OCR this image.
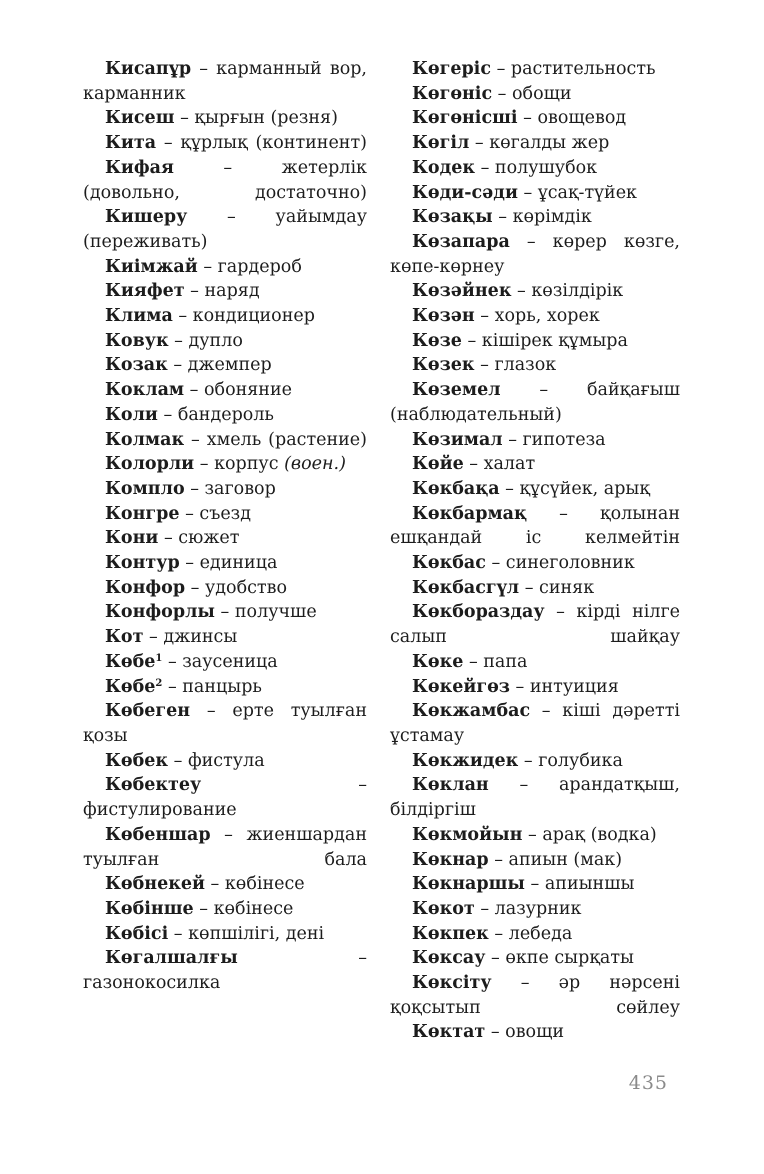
Кисапұр – карманный вор, карманник

Кисеш – қырғын (резня)

Кита – құрлық (континент)

Кифая – жетерлік (довольно, достаточно)

Кишеру – уайымдау (переживать)

Киімжай – гардероб

Кияфет – наряд

Клима – кондиционер

Ковук – дупло

Козак – джемпер

Коклам – обоняние

Коли – бандероль

Колмак – хмель (растение)

Колорли – корпус (воен.)

Компло – заговор

Конгре – съезд

Кони – сюжет

Контур – единица

Конфор – удобство

Конфорлы – получше

Кот – джинсы

Көбе$^1$ – заусеница

Көбе$^2$ – панцырь

Көбеген – ерте туылған қозы

Көбек – фистула

Көбектеу – фистулирование

Көбеншар – жиеншардан туылған бала

Көбнекей – көбінесе

Көбінше – көбінесе

Көбісі – көпшілігі, дені

Көгалшалғы – газонокосилка

Көгеріс – растительность

Көгөніс – обощи

Көгөнісші – овощевод

Көгіл – көгалды жер

Кодек – полушубок

Көди-сәди – ұсақ-түйек

Көзақы – көрімдік

Көзапара – көрер көзге, көпе-көрнеу

Көзәйнек – көзілдірік

Көзән – хорь, хорек

Көзе – кішірек құмыра

Көзек – глазок

Көземел – байқағыш (наблюдательный)

Көзимал – гипотеза

Көйе – халат

Көкбақа – құсүйек, арық

Көкбармақ – қолынан ешқандай іс келмейтін

Көкбас – синеголовник

Көкбасгүл – синяк

Көкбораздау – кірді нілге салып шайқау

Көке – папа

Көкейгөз – интуиция

Көкжамбас – кіші дәретті ұстамау

Көкжидек – голубика

Көклан – арандатқыш, білдіргіш

Көкмойын – арақ (водка)

Көкнар – апиын (мак)

Көкнаршы – апиыншы

Көкот – лазурник

Көкпек – лебеда

Көксау – өкпе сырқаты

Көксіту – әр нәрсені қоқсытып сөйлеу

Көктат – овощи

435
